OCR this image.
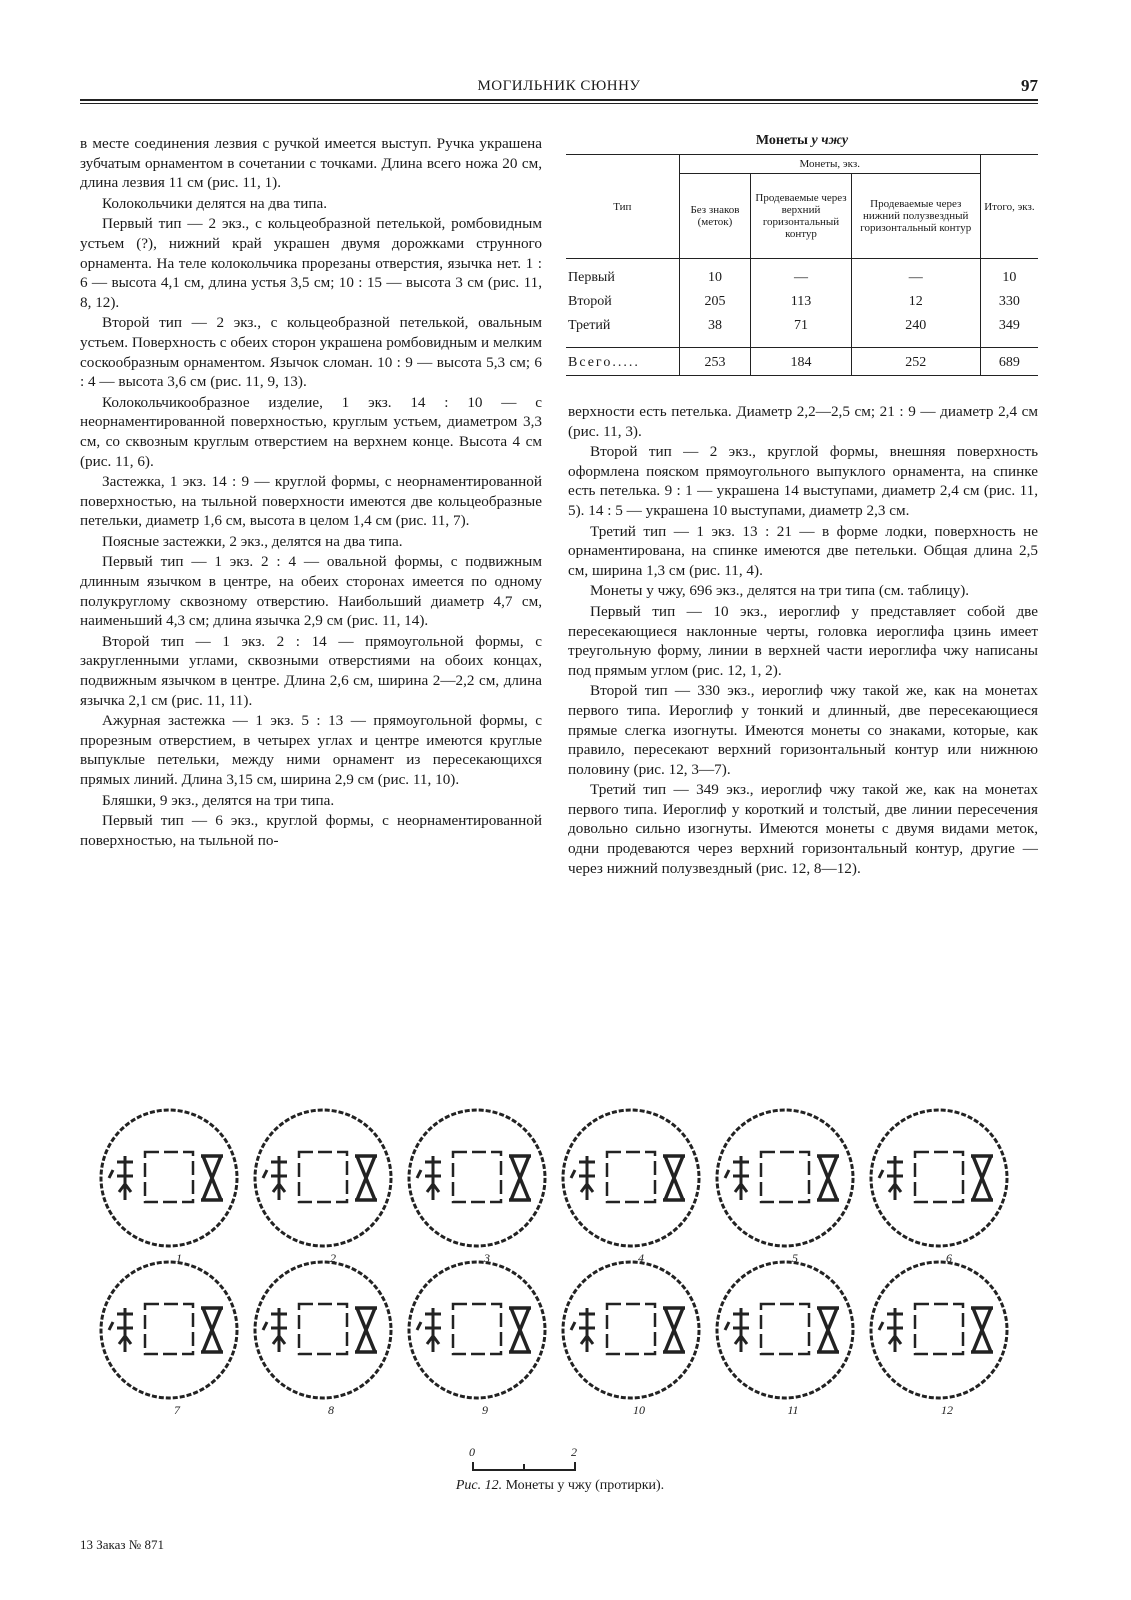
МОГИЛЬНИК СЮННУ	97

в месте соединения лезвия с ручкой имеется выступ. Ручка украшена зубчатым орнаментом в сочетании с точками. Длина всего ножа 20 см, длина лезвия 11 см (рис. 11, 1).

Колокольчики делятся на два типа.

Первый тип — 2 экз., с кольцеобразной петелькой, ромбовидным устьем (?), нижний край украшен двумя дорожками струнного орнамента. На теле колокольчика прорезаны отверстия, язычка нет. 1 : 6 — высота 4,1 см, длина устья 3,5 см; 10 : 15 — высота 3 см (рис. 11, 8, 12).

Второй тип — 2 экз., с кольцеобразной петелькой, овальным устьем. Поверхность с обеих сторон украшена ромбовидным и мелким соскообразным орнаментом. Язычок сломан. 10 : 9 — высота 5,3 см; 6 : 4 — высота 3,6 см (рис. 11, 9, 13).

Колокольчикообразное изделие, 1 экз. 14 : 10 — с неорнаментированной поверхностью, круглым устьем, диаметром 3,3 см, со сквозным круглым отверстием на верхнем конце. Высота 4 см (рис. 11, 6).

Застежка, 1 экз. 14 : 9 — круглой формы, с неорнаментированной поверхностью, на тыльной поверхности имеются две кольцеобразные петельки, диаметр 1,6 см, высота в целом 1,4 см (рис. 11, 7).

Поясные застежки, 2 экз., делятся на два типа.

Первый тип — 1 экз. 2 : 4 — овальной формы, с подвижным длинным язычком в центре, на обеих сторонах имеется по одному полукруглому сквозному отверстию. Наибольший диаметр 4,7 см, наименьший 4,3 см; длина язычка 2,9 см (рис. 11, 14).

Второй тип — 1 экз. 2 : 14 — прямоугольной формы, с закругленными углами, сквозными отверстиями на обоих концах, подвижным язычком в центре. Длина 2,6 см, ширина 2—2,2 см, длина язычка 2,1 см (рис. 11, 11).

Ажурная застежка — 1 экз. 5 : 13 — прямоугольной формы, с прорезным отверстием, в четырех углах и центре имеются круглые выпуклые петельки, между ними орнамент из пересекающихся прямых линий. Длина 3,15 см, ширина 2,9 см (рис. 11, 10).

Бляшки, 9 экз., делятся на три типа.

Первый тип — 6 экз., круглой формы, с неорнаментированной поверхностью, на тыльной по-

Монеты у чжу
Тип	Монеты, экз.			Итого, экз.
	Без знаков (меток)	Продеваемые через верхний горизонтальный контур	Продеваемые через нижний полузвездный горизонтальный контур	
Первый	10	—	—	10
Второй	205	113	12	330
Третий	38	71	240	349
Всего.....	253	184	252	689

верхности есть петелька. Диаметр 2,2—2,5 см; 21 : 9 — диаметр 2,4 см (рис. 11, 3).

Второй тип — 2 экз., круглой формы, внешняя поверхность оформлена пояском прямоугольного выпуклого орнамента, на спинке есть петелька. 9 : 1 — украшена 14 выступами, диаметр 2,4 см (рис. 11, 5). 14 : 5 — украшена 10 выступами, диаметр 2,3 см.

Третий тип — 1 экз. 13 : 21 — в форме лодки, поверхность не орнаментирована, на спинке имеются две петельки. Общая длина 2,5 см, ширина 1,3 см (рис. 11, 4).

Монеты у чжу, 696 экз., делятся на три типа (см. таблицу).

Первый тип — 10 экз., иероглиф у представляет собой две пересекающиеся наклонные черты, головка иероглифа цзинь имеет треугольную форму, линии в верхней части иероглифа чжу написаны под прямым углом (рис. 12, 1, 2).

Второй тип — 330 экз., иероглиф чжу такой же, как на монетах первого типа. Иероглиф у тонкий и длинный, две пересекающиеся прямые слегка изогнуты. Имеются монеты со знаками, которые, как правило, пересекают верхний горизонтальный контур или нижнюю половину (рис. 12, 3—7).

Третий тип — 349 экз., иероглиф чжу такой же, как на монетах первого типа. Иероглиф у короткий и толстый, две линии пересечения довольно сильно изогнуты. Имеются монеты с двумя видами меток, одни продеваются через верхний горизонтальный контур, другие — через нижний полузвездный (рис. 12, 8—12).

1	2	3	4	5	6
7	8	9	10	11	12
0	2
Рис. 12. Монеты у чжу (протирки).
13 Заказ № 871
